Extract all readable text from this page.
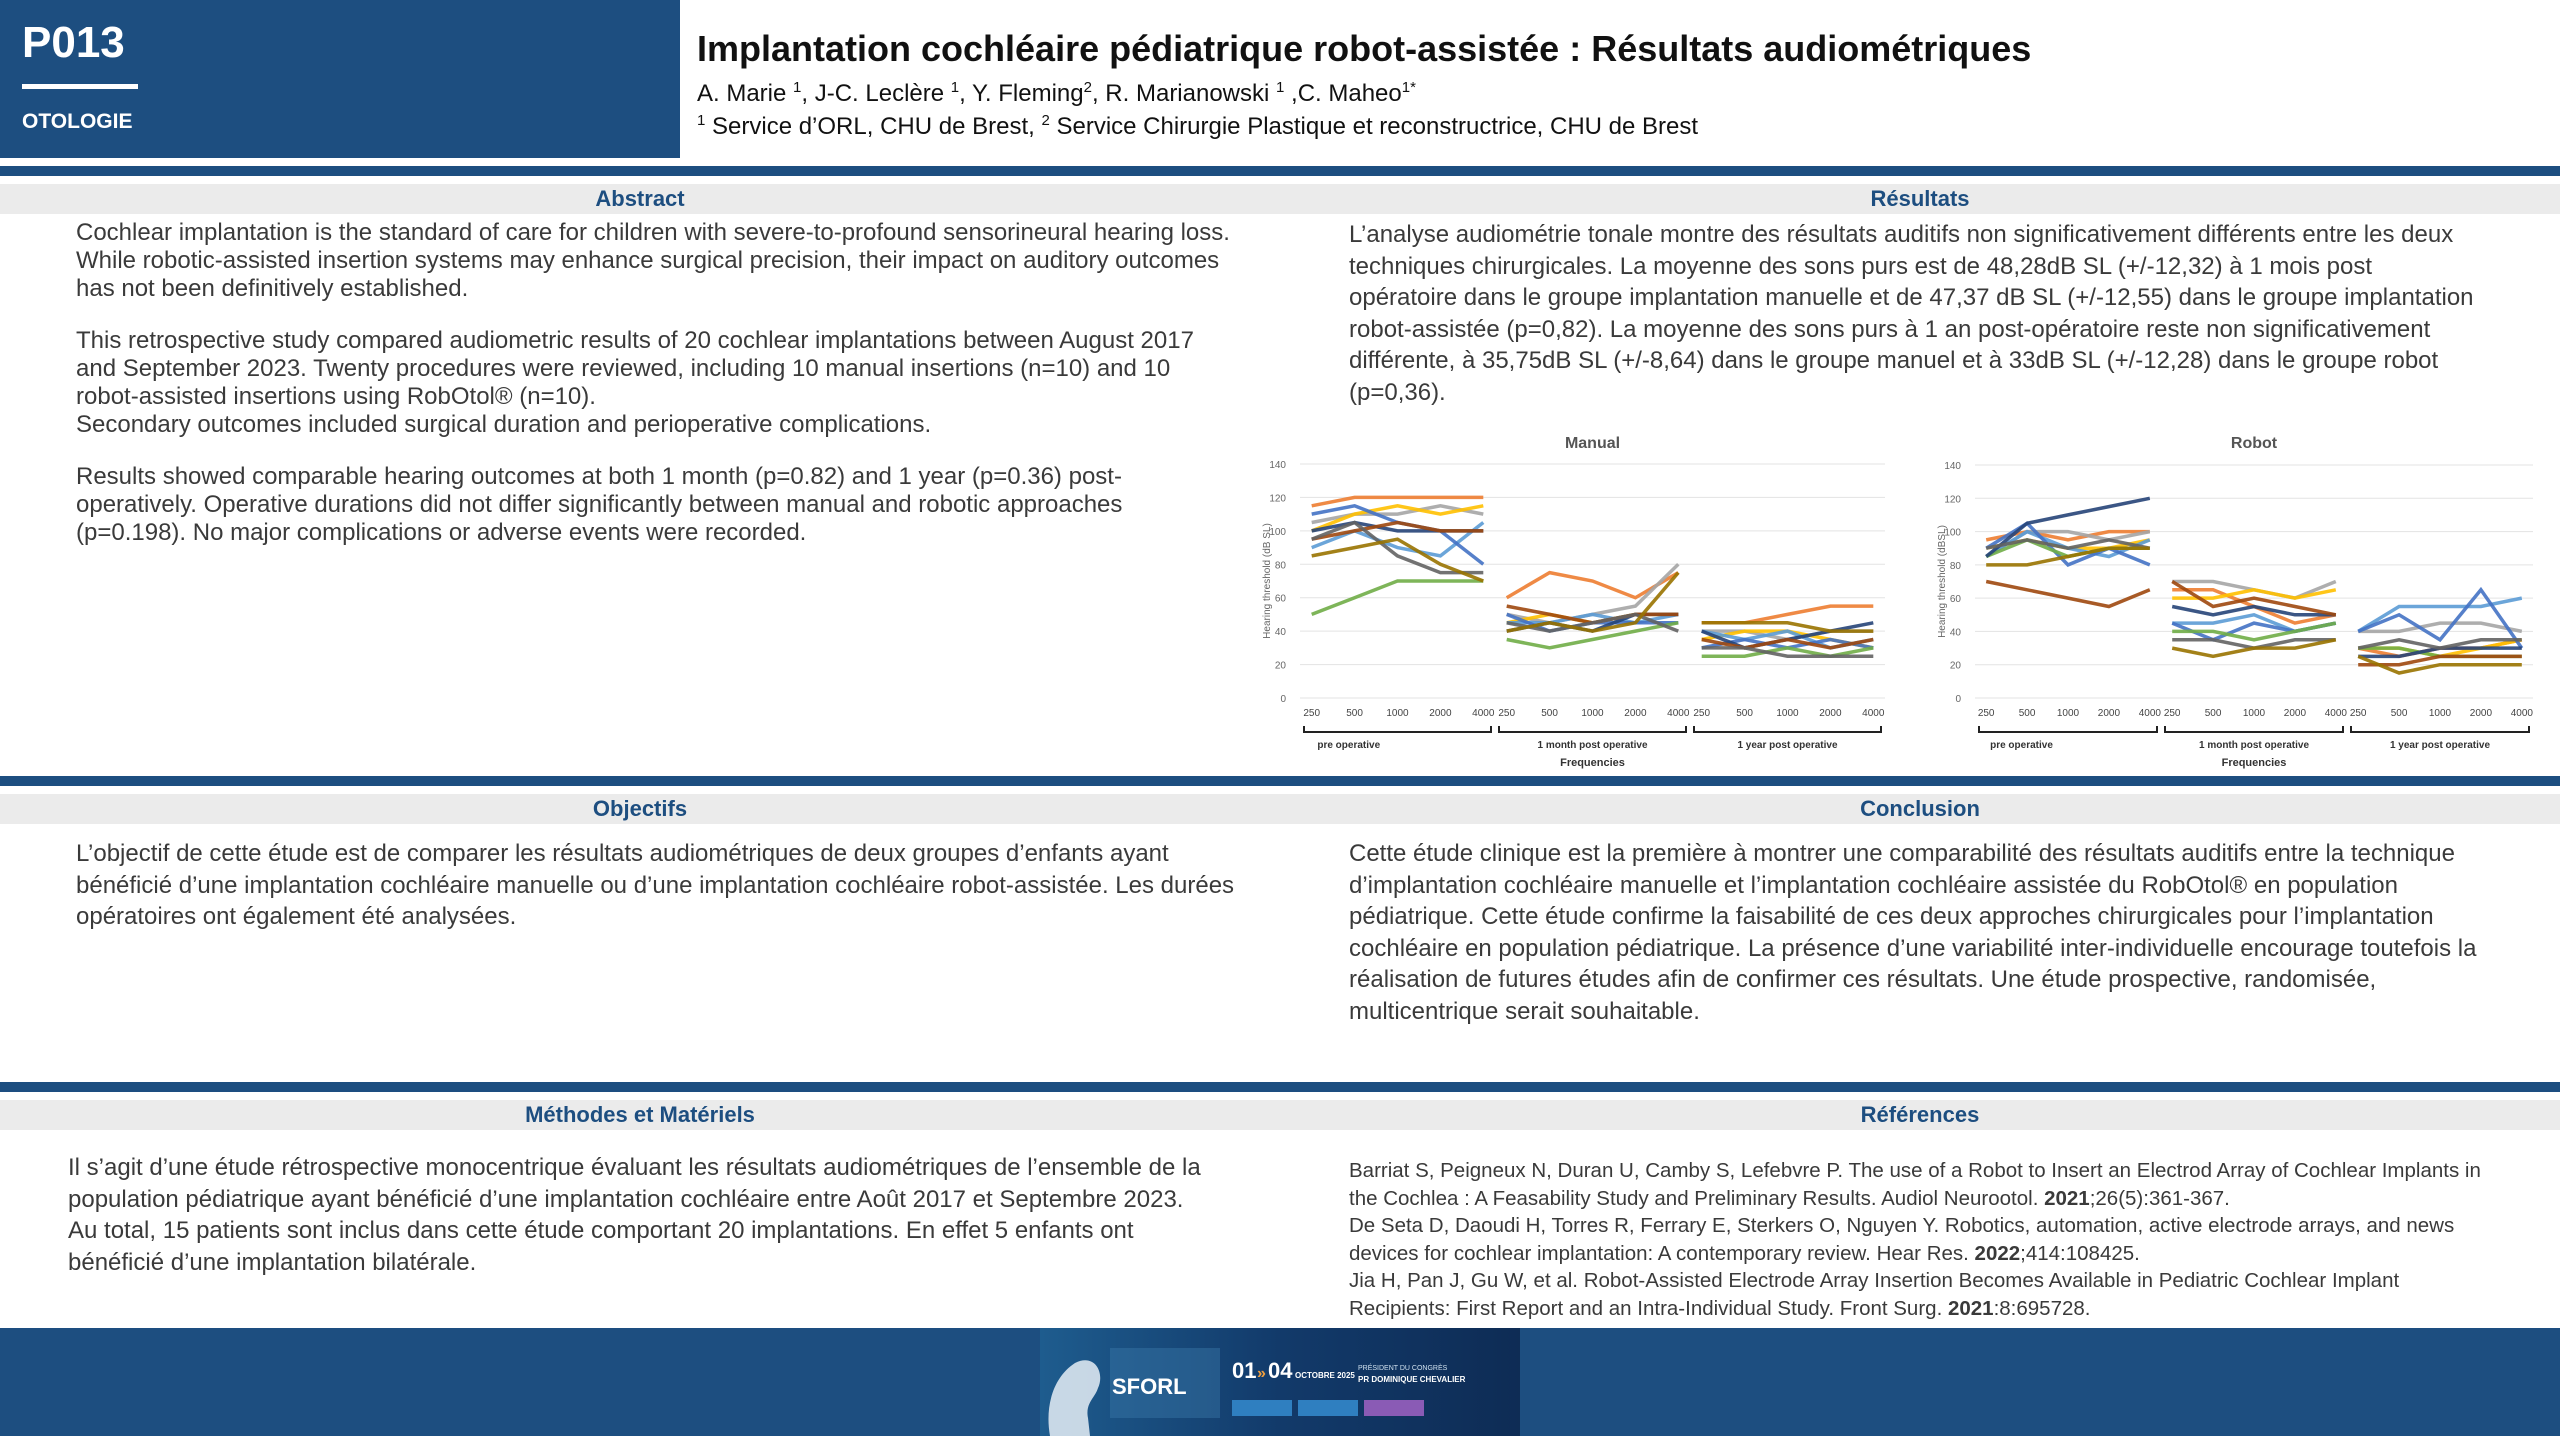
P013
OTOLOGIE
Implantation cochléaire pédiatrique robot-assistée : Résultats audiométriques
A. Marie $^1$, J-C. Leclère $^1$, Y. Fleming$^2$, R. Marianowski $^1$ ,C. Maheo$^{1*}$
$^1$ Service d’ORL, CHU de Brest, $^2$ Service Chirurgie Plastique et reconstructrice, CHU de Brest
Abstract	Résultats

Cochlear implantation is the standard of care for children with severe-to-profound sensorineural hearing loss. While robotic-assisted insertion systems may enhance surgical precision, their impact on auditory outcomes has not been definitively established.

This retrospective study compared audiometric results of 20 cochlear implantations between August 2017 and September 2023. Twenty procedures were reviewed, including 10 manual insertions (n=10) and 10 robot-assisted insertions using RobOtol® (n=10).

Secondary outcomes included surgical duration and perioperative complications.

Results showed comparable hearing outcomes at both 1 month (p=0.82) and 1 year (p=0.36) post-operatively. Operative durations did not differ significantly between manual and robotic approaches (p=0.198). No major complications or adverse events were recorded.

L’analyse audiométrie tonale montre des résultats auditifs non significativement différents entre les deux techniques chirurgicales. La moyenne des sons purs est de 48,28dB SL (+/-12,32) à 1 mois post opératoire dans le groupe implantation manuelle et de 47,37 dB SL (+/-12,55) dans le groupe implantation robot-assistée (p=0,82). La moyenne des sons purs à 1 an post-opératoire reste non significativement différente, à 35,75dB SL (+/-8,64) dans le groupe manuel et à 33dB SL (+/-12,28) dans le groupe robot (p=0,36).
Manual
0
20
40
60
80
100
120
140
Hearing threshold (dB SL)
250	500 1000 2000 4000
pre operative
250	500 1000 2000 4000
1 month post operative
250	500 1000 2000 4000
1 year post operative
Frequencies
Robot
0
20
40
60
80
100
120
140
Hearing threshold (dBSL)
250 500 1000 2000 4000
pre operative
250 500 1000 2000 4000
1 month post operative
250 500 1000 2000 4000
1 year post operative
Frequencies
Objectifs	Conclusion
L’objectif de cette étude est de comparer les résultats audiométriques de deux groupes d’enfants ayant bénéficié d’une implantation cochléaire manuelle ou d’une implantation cochléaire robot-assistée. Les durées opératoires ont également été analysées.
Cette étude clinique est la première à montrer une comparabilité des résultats auditifs entre la technique d’implantation cochléaire manuelle et l’implantation cochléaire assistée du RobOtol® en population pédiatrique. Cette étude confirme la faisabilité de ces deux approches chirurgicales pour l’implantation cochléaire en population pédiatrique. La présence d’une variabilité inter-individuelle encourage toutefois la réalisation de futures études afin de confirmer ces résultats. Une étude prospective, randomisée, multicentrique serait souhaitable.
Méthodes et Matériels	Références
Il s’agit d’une étude rétrospective monocentrique évaluant les résultats audiométriques de l’ensemble de la population pédiatrique ayant bénéficié d’une implantation cochléaire entre Août 2017 et Septembre 2023. Au total, 15 patients sont inclus dans cette étude comportant 20 implantations. En effet 5 enfants ont bénéficié d’une implantation bilatérale.

Barriat S, Peigneux N, Duran U, Camby S, Lefebvre P. The use of a Robot to Insert an Electrod Array of Cochlear Implants in the Cochlea : A Feasability Study and Preliminary Results. Audiol Neurootol. 2021;26(5):361-367.

De Seta D, Daoudi H, Torres R, Ferrary E, Sterkers O, Nguyen Y. Robotics, automation, active electrode arrays, and news devices for cochlear implantation: A contemporary review. Hear Res. 2022;414:108425.

Jia H, Pan J, Gu W, et al. Robot-Assisted Electrode Array Insertion Becomes Available in Pediatric Cochlear Implant Recipients: First Report and an Intra-Individual Study. Front Surg. 2021:8:695728.

SFORL
01 » 04 OCTOBRE 2025
PRÉSIDENT DU CONGRÈS
PR DOMINIQUE CHEVALIER
